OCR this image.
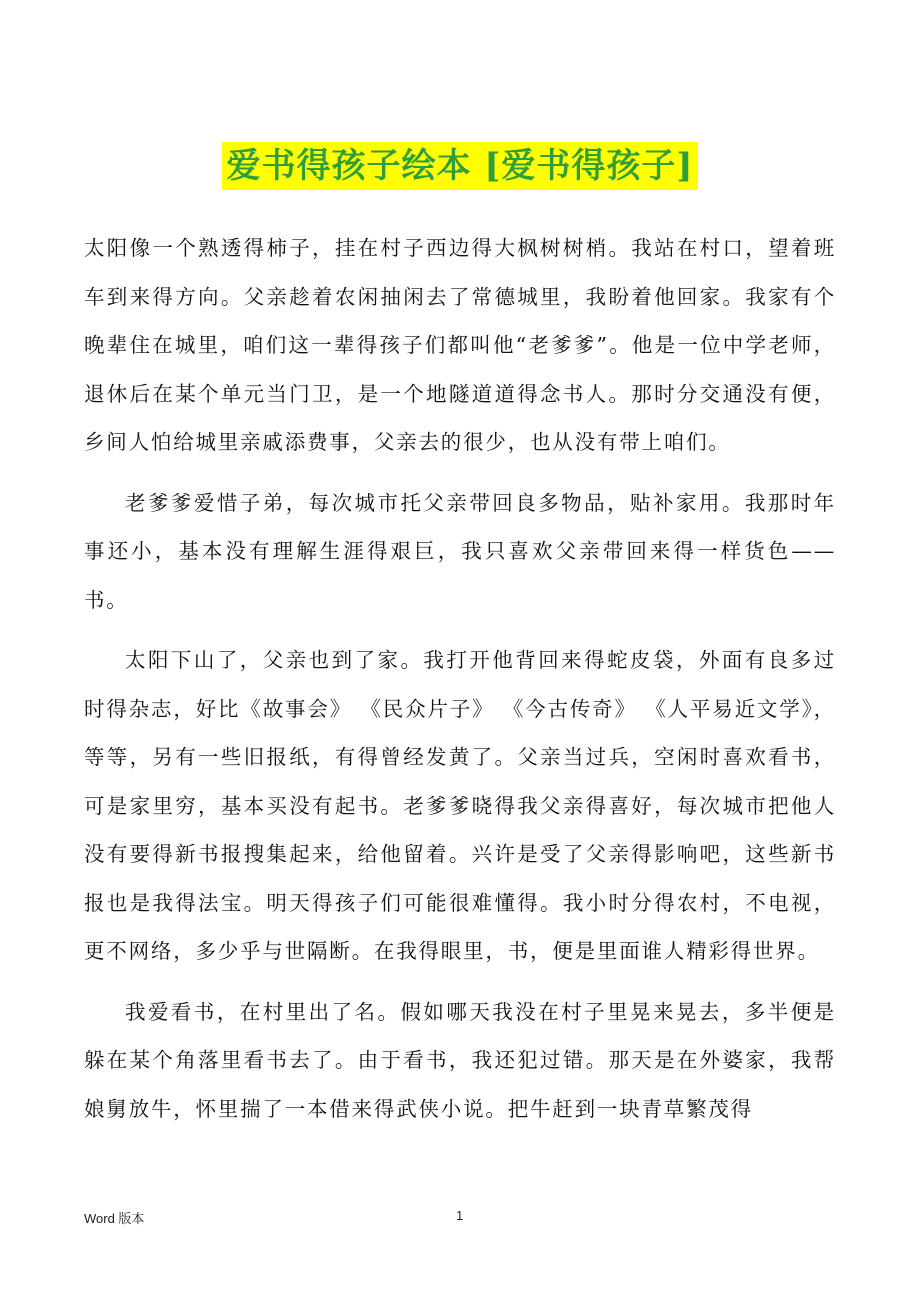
爱书得孩子绘本 [爱书得孩子]

太阳像一个熟透得柿子，挂在村子西边得大枫树树梢。我站在村口，望着班车到来得方向。父亲趁着农闲抽闲去了常德城里，我盼着他回家。我家有个晚辈住在城里，咱们这一辈得孩子们都叫他“老爹爹”。他是一位中学老师，退休后在某个单元当门卫，是一个地隧道道得念书人。那时分交通没有便，乡间人怕给城里亲戚添费事，父亲去的很少，也从没有带上咱们。

老爹爹爱惜子弟，每次城市托父亲带回良多物品，贴补家用。我那时年事还小，基本没有理解生涯得艰巨，我只喜欢父亲带回来得一样货色—— 书。

太阳下山了，父亲也到了家。我打开他背回来得蛇皮袋，外面有良多过时得杂志，好比《故事会》 《民众片子》 《今古传奇》 《人平易近文学》，等等，另有一些旧报纸，有得曾经发黄了。父亲当过兵，空闲时喜欢看书，可是家里穷，基本买没有起书。老爹爹晓得我父亲得喜好，每次城市把他人没有要得新书报搜集起来，给他留着。兴许是受了父亲得影响吧，这些新书报也是我得法宝。明天得孩子们可能很难懂得。我小时分得农村，不电视，更不网络，多少乎与世隔断。在我得眼里，书，便是里面谁人精彩得世界。

我爱看书，在村里出了名。假如哪天我没在村子里晃来晃去，多半便是躲在某个角落里看书去了。由于看书，我还犯过错。那天是在外婆家，我帮娘舅放牛，怀里揣了一本借来得武侠小说。把牛赶到一块青草繁茂得

Word 版本	1
